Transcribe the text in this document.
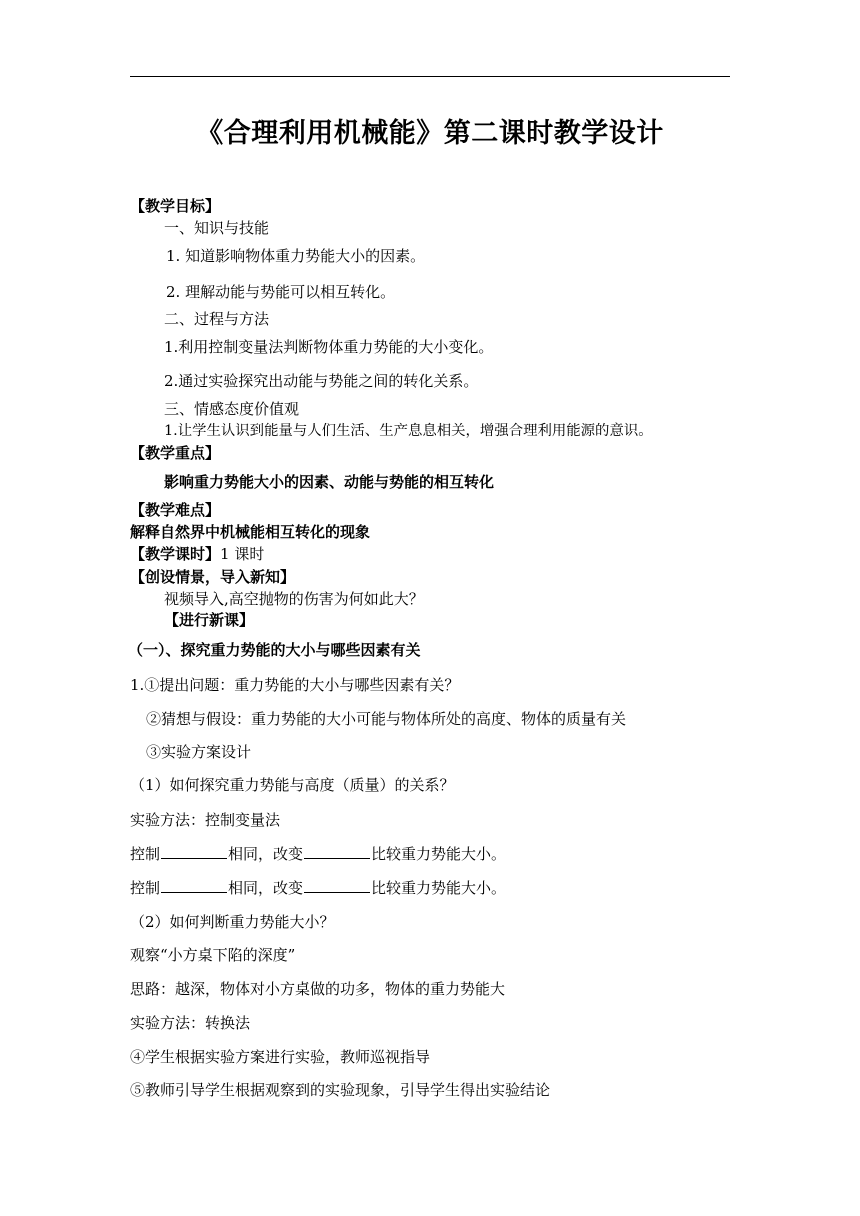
《合理利用机械能》第二课时教学设计
【教学目标】
一、知识与技能
1. 知道影响物体重力势能大小的因素。
2. 理解动能与势能可以相互转化。
二、过程与方法
1.利用控制变量法判断物体重力势能的大小变化。
2.通过实验探究出动能与势能之间的转化关系。
三、情感态度价值观
1.让学生认识到能量与人们生活、生产息息相关，增强合理利用能源的意识。
【教学重点】
影响重力势能大小的因素、动能与势能的相互转化
【教学难点】
解释自然界中机械能相互转化的现象
【教学课时】1 课时
【创设情景，导入新知】
视频导入,高空抛物的伤害为何如此大？
【进行新课】
（一）、探究重力势能的大小与哪些因素有关
1.①提出问题：重力势能的大小与哪些因素有关？
②猜想与假设：重力势能的大小可能与物体所处的高度、物体的质量有关
③实验方案设计
（1）如何探究重力势能与高度（质量）的关系？
实验方法：控制变量法
控制	相同，改变	比较重力势能大小。
控制	相同，改变	比较重力势能大小。
（2）如何判断重力势能大小？
观察“小方桌下陷的深度”
思路：越深，物体对小方桌做的功多，物体的重力势能大
实验方法：转换法
④学生根据实验方案进行实验，教师巡视指导
⑤教师引导学生根据观察到的实验现象，引导学生得出实验结论
